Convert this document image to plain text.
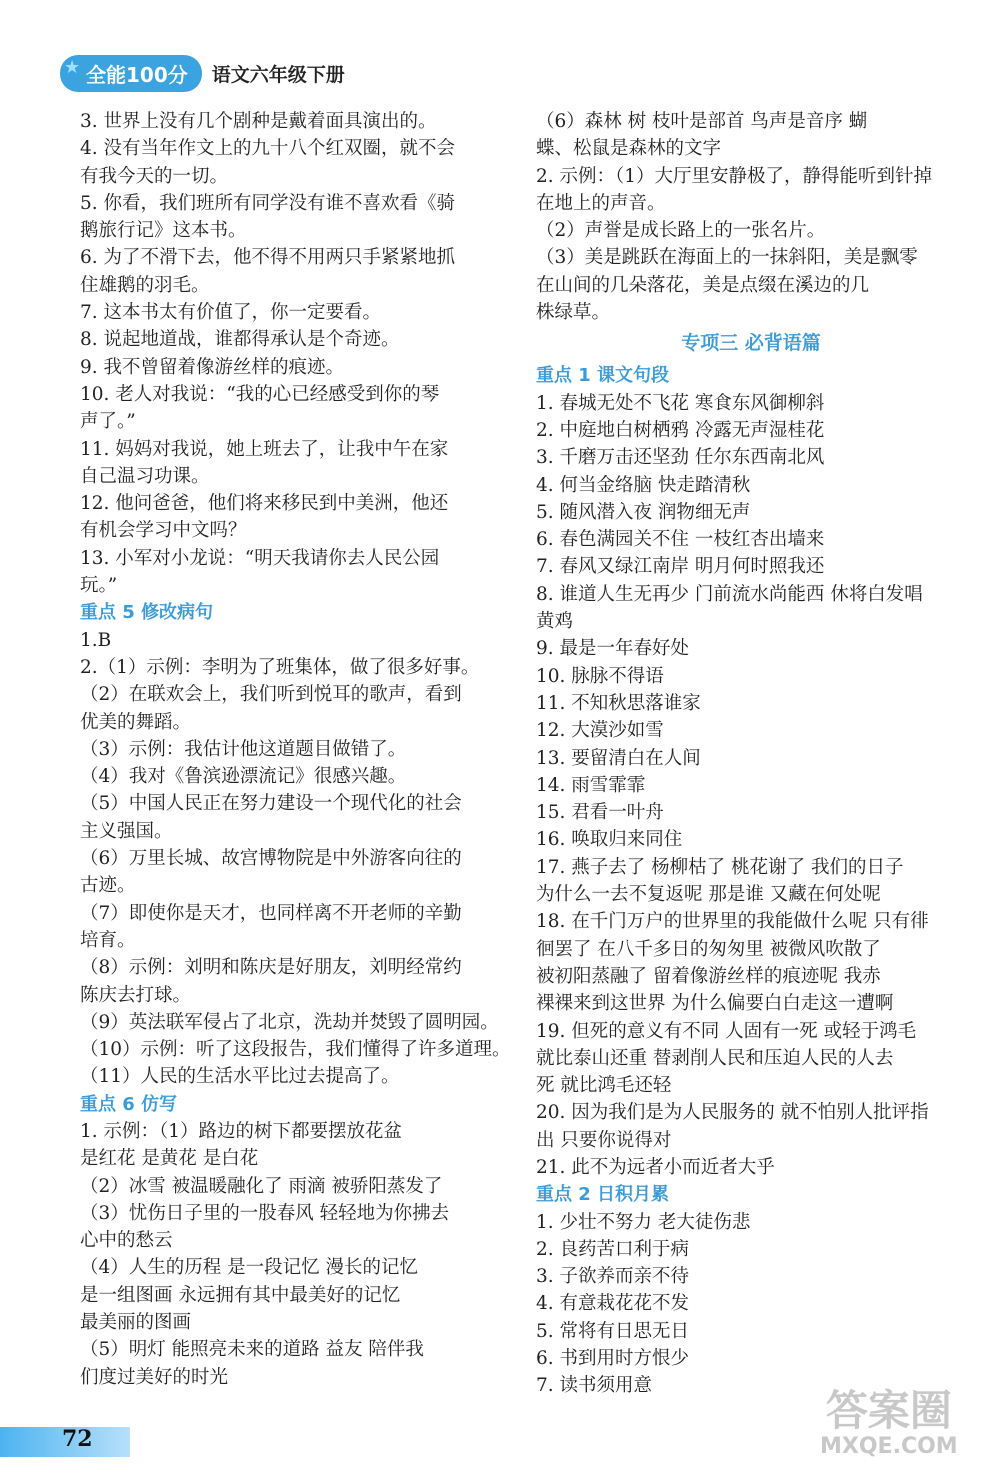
★ 全能100分	语文六年级下册
3. 世界上没有几个剧种是戴着面具演出的。
4. 没有当年作文上的九十八个红双圈，就不会
有我今天的一切。
5. 你看，我们班所有同学没有谁不喜欢看《骑
鹅旅行记》这本书。
6. 为了不滑下去，他不得不用两只手紧紧地抓
住雄鹅的羽毛。
7. 这本书太有价值了，你一定要看。
8. 说起地道战，谁都得承认是个奇迹。
9. 我不曾留着像游丝样的痕迹。
10. 老人对我说：“我的心已经感受到你的琴
声了。”
11. 妈妈对我说，她上班去了，让我中午在家
自己温习功课。
12. 他问爸爸，他们将来移民到中美洲，他还
有机会学习中文吗？
13. 小军对小龙说：“明天我请你去人民公园
玩。”
重点 5 修改病句
1.B
2.（1）示例：李明为了班集体，做了很多好事。
（2）在联欢会上，我们听到悦耳的歌声，看到
优美的舞蹈。
（3）示例：我估计他这道题目做错了。
（4）我对《鲁滨逊漂流记》很感兴趣。
（5）中国人民正在努力建设一个现代化的社会
主义强国。
（6）万里长城、故宫博物院是中外游客向往的
古迹。
（7）即使你是天才，也同样离不开老师的辛勤
培育。
（8）示例：刘明和陈庆是好朋友，刘明经常约
陈庆去打球。
（9）英法联军侵占了北京，洗劫并焚毁了圆明园。
（10）示例：听了这段报告，我们懂得了许多道理。
（11）人民的生活水平比过去提高了。
重点 6 仿写
1. 示例：（1）路边的树下都要摆放花盆
是红花 是黄花 是白花
（2）冰雪 被温暖融化了 雨滴 被骄阳蒸发了
（3）忧伤日子里的一股春风 轻轻地为你拂去
心中的愁云
（4）人生的历程 是一段记忆 漫长的记忆
是一组图画 永远拥有其中最美好的记忆
最美丽的图画
（5）明灯 能照亮未来的道路 益友 陪伴我
们度过美好的时光
（6）森林 树 枝叶是部首 鸟声是音序 蝴
蝶、松鼠是森林的文字
2. 示例：（1）大厅里安静极了，静得能听到针掉
在地上的声音。
（2）声誉是成长路上的一张名片。
（3）美是跳跃在海面上的一抹斜阳，美是飘零
在山间的几朵落花，美是点缀在溪边的几
株绿草。
专项三 必背语篇
重点 1 课文句段
1. 春城无处不飞花 寒食东风御柳斜
2. 中庭地白树栖鸦 冷露无声湿桂花
3. 千磨万击还坚劲 任尔东西南北风
4. 何当金络脑 快走踏清秋
5. 随风潜入夜 润物细无声
6. 春色满园关不住 一枝红杏出墙来
7. 春风又绿江南岸 明月何时照我还
8. 谁道人生无再少 门前流水尚能西 休将白发唱
黄鸡
9. 最是一年春好处
10. 脉脉不得语
11. 不知秋思落谁家
12. 大漠沙如雪
13. 要留清白在人间
14. 雨雪霏霏
15. 君看一叶舟
16. 唤取归来同住
17. 燕子去了 杨柳枯了 桃花谢了 我们的日子
为什么一去不复返呢 那是谁 又藏在何处呢
18. 在千门万户的世界里的我能做什么呢 只有徘
徊罢了 在八千多日的匆匆里 被微风吹散了
被初阳蒸融了 留着像游丝样的痕迹呢 我赤
裸裸来到这世界 为什么偏要白白走这一遭啊
19. 但死的意义有不同 人固有一死 或轻于鸿毛
就比泰山还重 替剥削人民和压迫人民的人去
死 就比鸿毛还轻
20. 因为我们是为人民服务的 就不怕别人批评指
出 只要你说得对
21. 此不为远者小而近者大乎
重点 2 日积月累
1. 少壮不努力 老大徒伤悲
2. 良药苦口利于病
3. 子欲养而亲不待
4. 有意栽花花不发
5. 常将有日思无日
6. 书到用时方恨少
7. 读书须用意
72
答案圈
MXQE.COM
